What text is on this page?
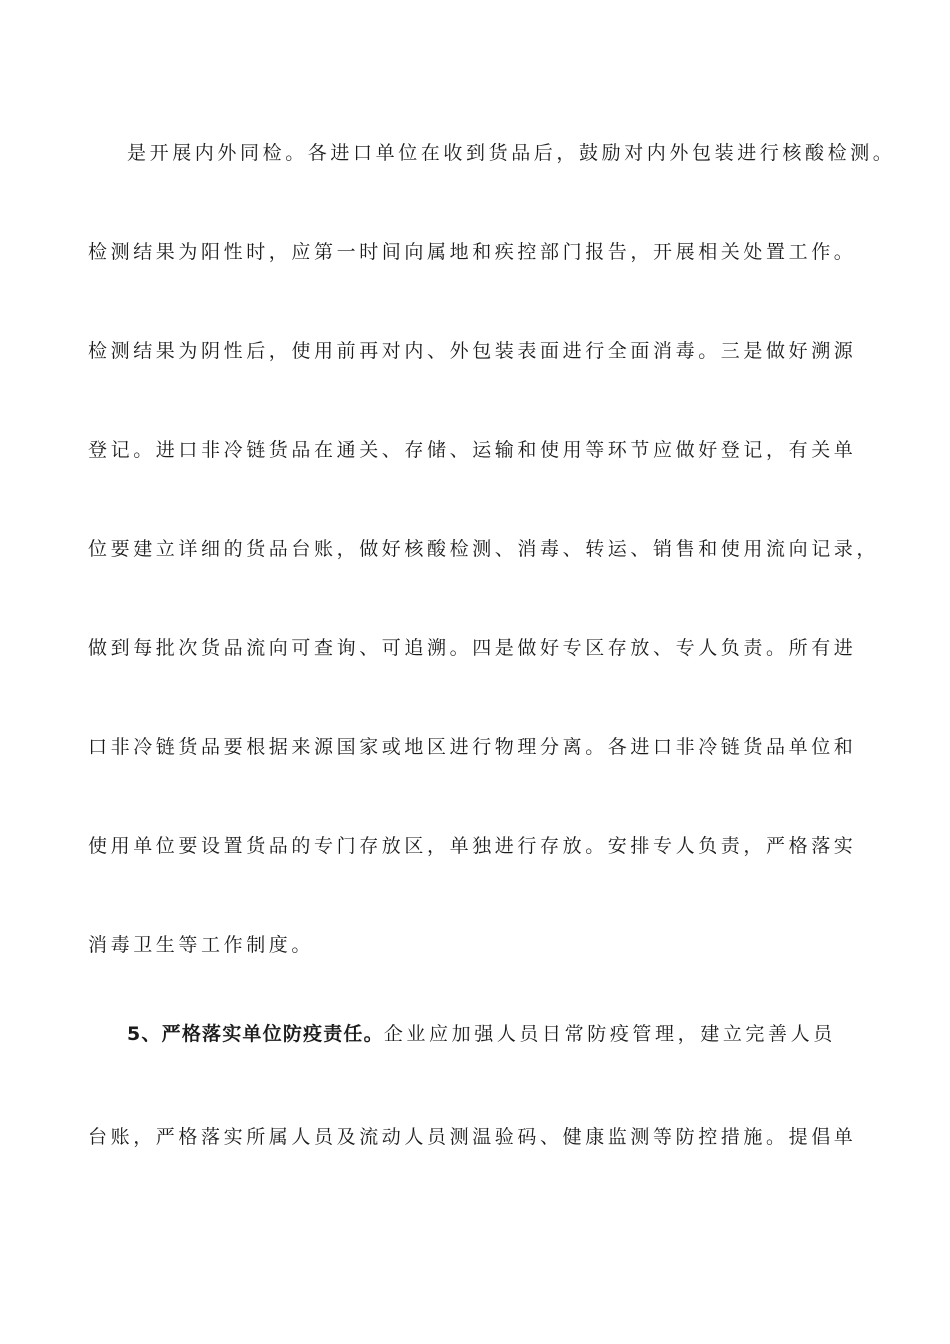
是开展内外同检。各进口单位在收到货品后，鼓励对内外包装进行核酸检测。
检测结果为阳性时，应第一时间向属地和疾控部门报告，开展相关处置工作。
检测结果为阴性后，使用前再对内、外包装表面进行全面消毒。三是做好溯源
登记。进口非冷链货品在通关、存储、运输和使用等环节应做好登记，有关单
位要建立详细的货品台账，做好核酸检测、消毒、转运、销售和使用流向记录，
做到每批次货品流向可查询、可追溯。四是做好专区存放、专人负责。所有进
口非冷链货品要根据来源国家或地区进行物理分离。各进口非冷链货品单位和
使用单位要设置货品的专门存放区，单独进行存放。安排专人负责，严格落实
消毒卫生等工作制度。
5、严格落实单位防疫责任。企业应加强人员日常防疫管理，建立完善人员
台账，严格落实所属人员及流动人员测温验码、健康监测等防控措施。提倡单
